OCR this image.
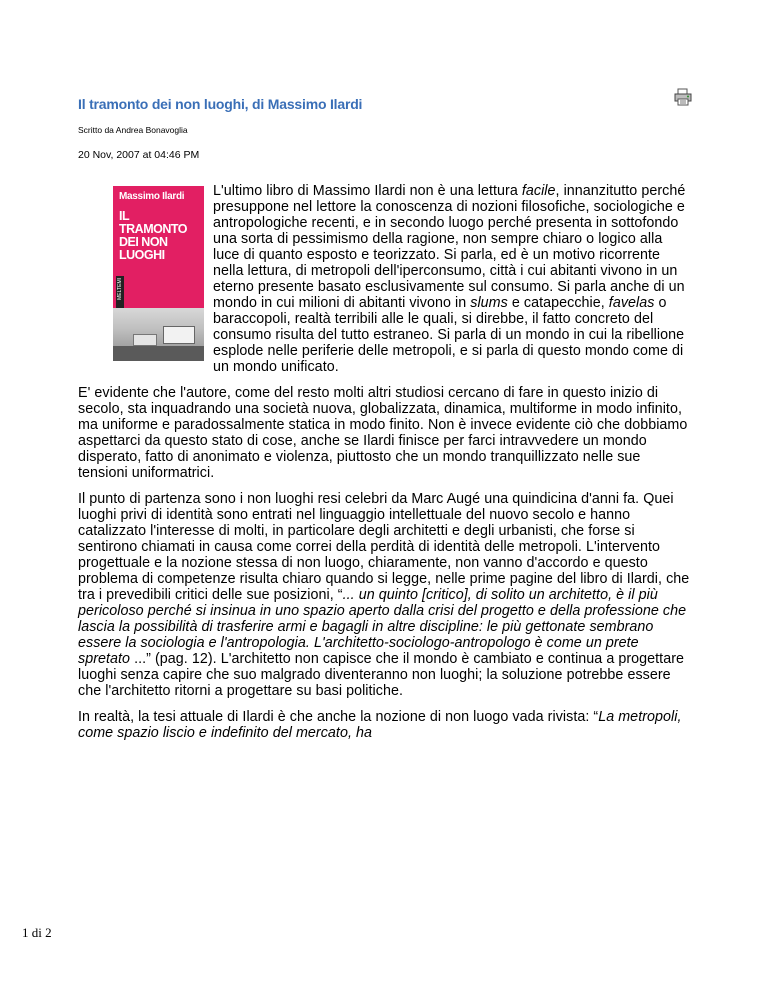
Il tramonto dei non luoghi, di Massimo Ilardi
Scritto da Andrea Bonavoglia
20 Nov, 2007 at 04:46 PM
Massimo Ilardi
IL TRAMONTO
DEI NON LUOGHI
MELTEMI

L'ultimo libro di Massimo Ilardi non è una lettura facile, innanzitutto perché presuppone nel lettore la conoscenza di nozioni filosofiche, sociologiche e antropologiche recenti, e in secondo luogo perché presenta in sottofondo una sorta di pessimismo della ragione, non sempre chiaro o logico alla luce di quanto esposto e teorizzato. Si parla, ed è un motivo ricorrente nella lettura, di metropoli dell'iperconsumo, città i cui abitanti vivono in un eterno presente basato esclusivamente sul consumo. Si parla anche di un mondo in cui milioni di abitanti vivono in slums e catapecchie, favelas o baraccopoli, realtà terribili alle le quali, si direbbe, il fatto concreto del consumo risulta del tutto estraneo. Si parla di un mondo in cui la ribellione esplode nelle periferie delle metropoli, e si parla di questo mondo come di un mondo unificato.

E' evidente che l'autore, come del resto molti altri studiosi cercano di fare in questo inizio di secolo, sta inquadrando una società nuova, globalizzata, dinamica, multiforme in modo infinito, ma uniforme e paradossalmente statica in modo finito. Non è invece evidente ciò che dobbiamo aspettarci da questo stato di cose, anche se Ilardi finisce per farci intravvedere un mondo disperato, fatto di anonimato e violenza, piuttosto che un mondo tranquillizzato nelle sue tensioni uniformatrici.

Il punto di partenza sono i non luoghi resi celebri da Marc Augé una quindicina d'anni fa. Quei luoghi privi di identità sono entrati nel linguaggio intellettuale del nuovo secolo e hanno catalizzato l'interesse di molti, in particolare degli architetti e degli urbanisti, che forse si sentirono chiamati in causa come correi della perdità di identità delle metropoli. L'intervento progettuale e la nozione stessa di non luogo, chiaramente, non vanno d'accordo e questo problema di competenze risulta chiaro quando si legge, nelle prime pagine del libro di Ilardi, che tra i prevedibili critici delle sue posizioni, “... un quinto [critico], di solito un architetto, è il più pericoloso perché si insinua in uno spazio aperto dalla crisi del progetto e della professione che lascia la possibilità di trasferire armi e bagagli in altre discipline: le più gettonate sembrano essere la sociologia e l'antropologia. L'architetto-sociologo-antropologo è come un prete spretato ...” (pag. 12). L'architetto non capisce che il mondo è cambiato e continua a progettare luoghi senza capire che suo malgrado diventeranno non luoghi; la soluzione potrebbe essere che l'architetto ritorni a progettare su basi politiche.

In realtà, la tesi attuale di Ilardi è che anche la nozione di non luogo vada rivista: “La metropoli, come spazio liscio e indefinito del mercato, ha

1 di 2
